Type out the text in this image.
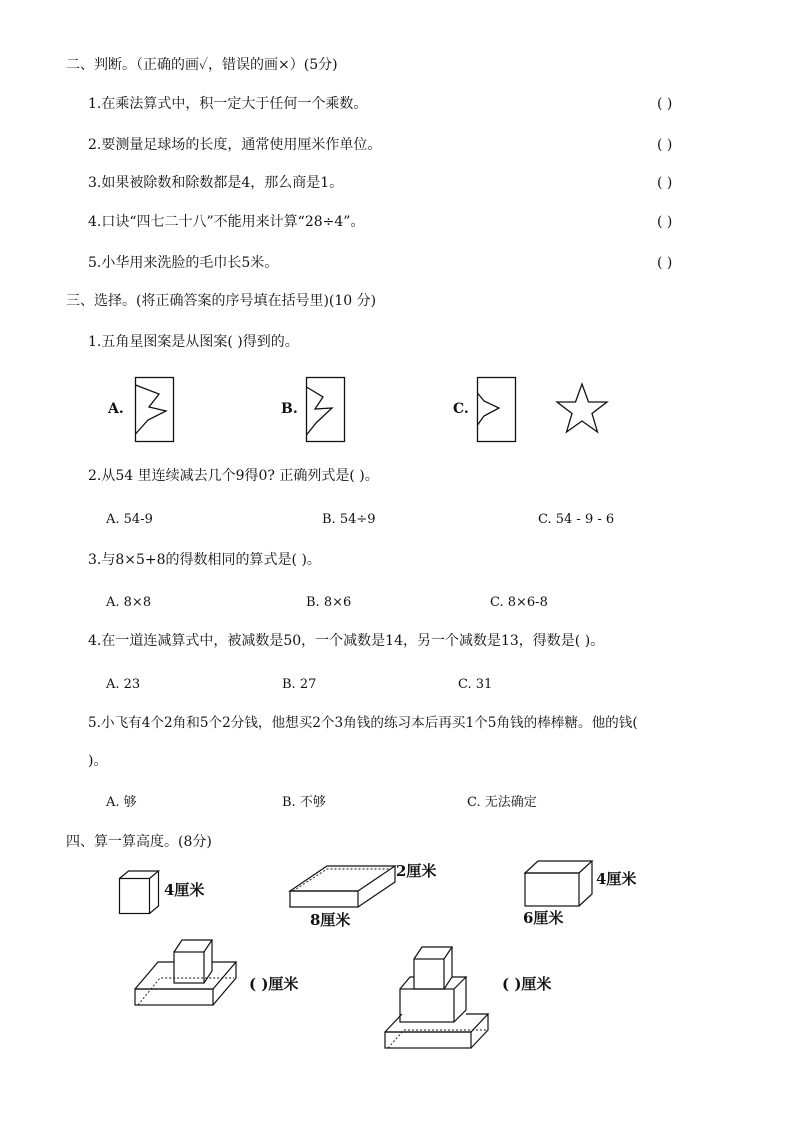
二、判断。（正确的画✓，错误的画×）(5分)
1.在乘法算式中，积一定大于任何一个乘数。	( )
2.要测量足球场的长度，通常使用厘米作单位。	( )
3.如果被除数和除数都是4，那么商是1。	( )
4.口诀“四七二十八”不能用来计算“28÷4”。	( )
5.小华用来洗脸的毛巾长5米。	( )
三、选择。(将正确答案的序号填在括号里)(10 分)
1.五角星图案是从图案( )得到的。
A.	B.	C.
2.从54 里连续减去几个9得0? 正确列式是( )。
A. 54-9	B. 54÷9	C. 54 - 9 - 6
3.与8×5+8的得数相同的算式是( )。
A. 8×8	B. 8×6	C. 8×6-8
4.在一道连减算式中，被减数是50，一个减数是14，另一个减数是13，得数是( )。
A. 23	B. 27	C. 31
5.小飞有4个2角和5个2分钱，他想买2个3角钱的练习本后再买1个5角钱的棒棒糖。他的钱(
)。
A. 够	B. 不够	C. 无法确定
四、算一算高度。(8分)
4厘米
2厘米
8厘米
4厘米
6厘米
( )厘米	( )厘米
